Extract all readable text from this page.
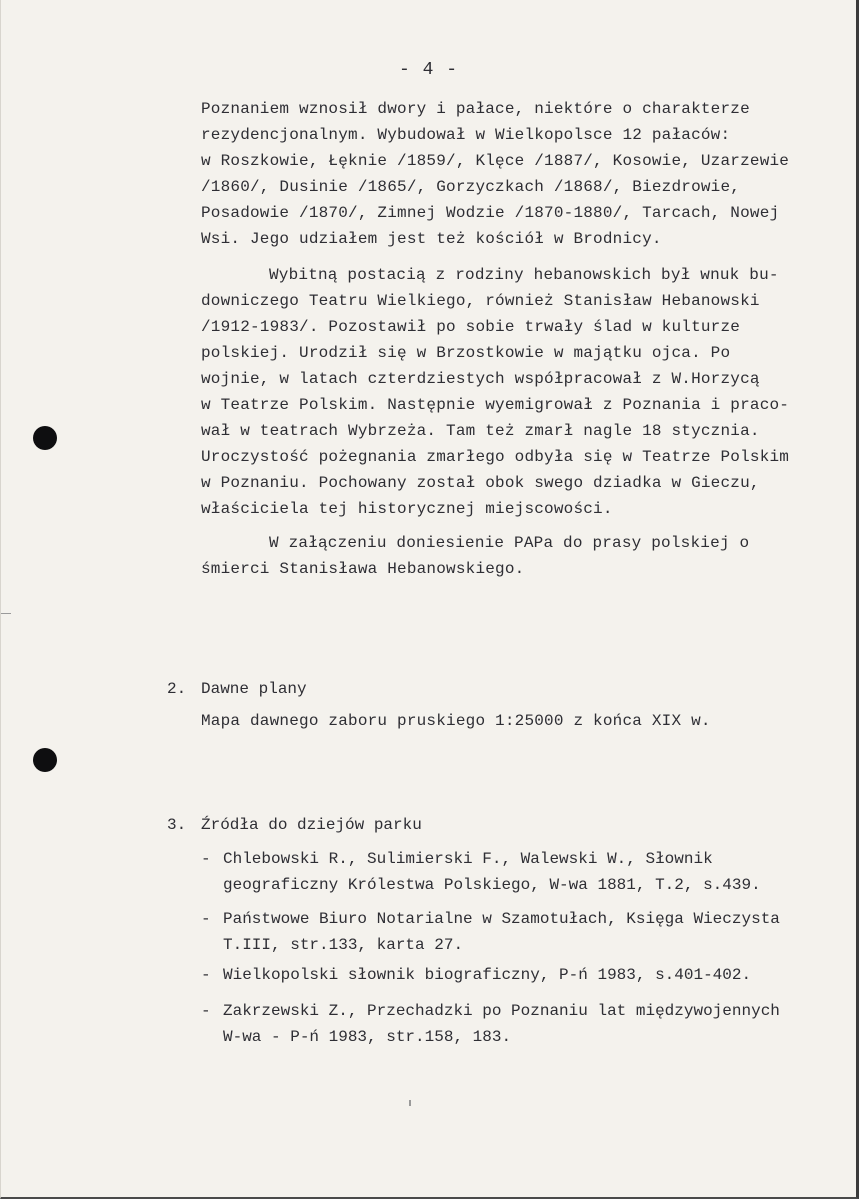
- 4 -
Poznaniem wznosił dwory i pałace, niektóre o charakterze
rezydencjonalnym. Wybudował w Wielkopolsce 12 pałaców:
w Roszkowie, Łęknie /1859/, Klęce /1887/, Kosowie, Uzarzewie
/1860/, Dusinie /1865/, Gorzyczkach /1868/, Biezdrowie,
Posadowie /1870/, Zimnej Wodzie /1870-1880/, Tarcach, Nowej
Wsi. Jego udziałem jest też kościół w Brodnicy.
Wybitną postacią z rodziny hebanowskich był wnuk bu-
downiczego Teatru Wielkiego, również Stanisław Hebanowski
/1912-1983/. Pozostawił po sobie trwały ślad w kulturze
polskiej. Urodził się w Brzostkowie w majątku ojca. Po
wojnie, w latach czterdziestych współpracował z W.Horzycą
w Teatrze Polskim. Następnie wyemigrował z Poznania i praco-
wał w teatrach Wybrzeża. Tam też zmarł nagle 18 stycznia.
Uroczystość pożegnania zmarłego odbyła się w Teatrze Polskim
w Poznaniu. Pochowany został obok swego dziadka w Gieczu,
właściciela tej historycznej miejscowości.
W załączeniu doniesienie PAPa do prasy polskiej o
śmierci Stanisława Hebanowskiego.
2. Dawne plany
Mapa dawnego zaboru pruskiego 1:25000 z końca XIX w.
3. Źródła do dziejów parku
- Chlebowski R., Sulimierski F., Walewski W., Słownik
geograficzny Królestwa Polskiego, W-wa 1881, T.2, s.439.
- Państwowe Biuro Notarialne w Szamotułach, Księga Wieczysta
T.III, str.133, karta 27.
- Wielkopolski słownik biograficzny, P-ń 1983, s.401-402.
- Zakrzewski Z., Przechadzki po Poznaniu lat międzywojennych
W-wa - P-ń 1983, str.158, 183.
